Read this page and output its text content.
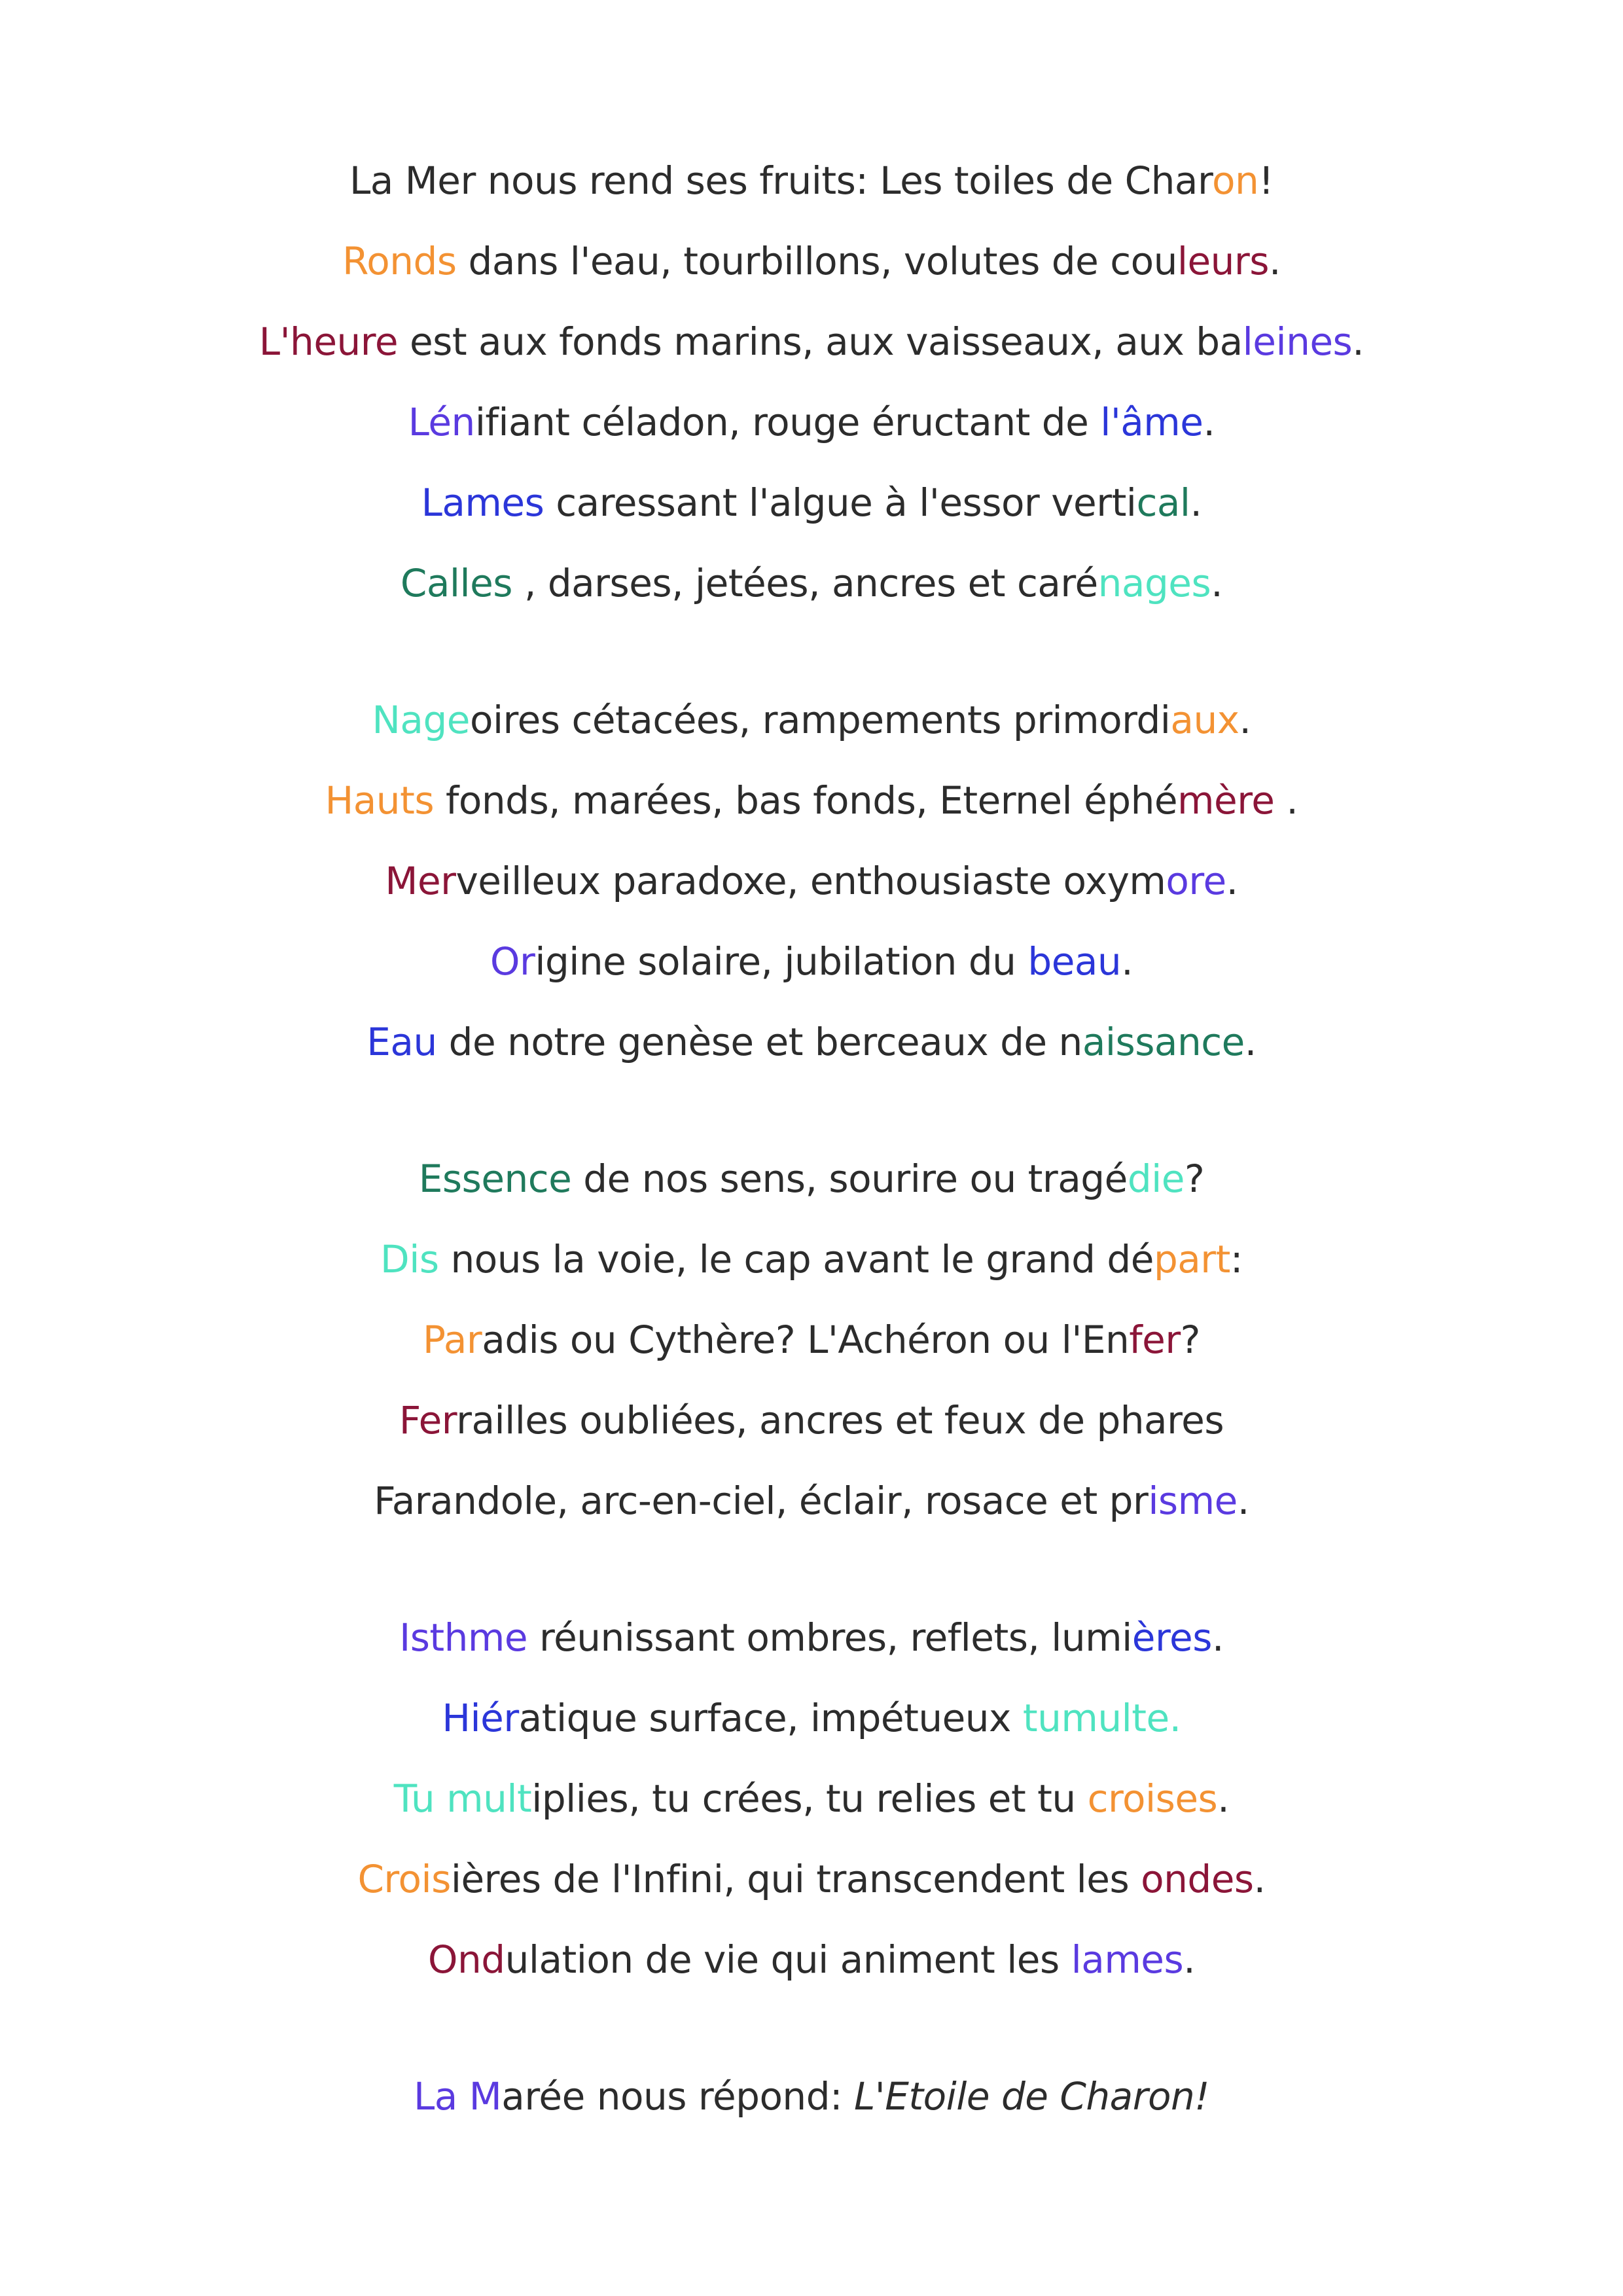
La Mer nous rend ses fruits: Les toiles de Charon!
Ronds dans l'eau, tourbillons, volutes de couleurs.
L'heure est aux fonds marins, aux vaisseaux, aux baleines.
Lénifiant céladon, rouge éructant de l'âme.
Lames caressant l'algue à l'essor vertical.
Calles , darses, jetées, ancres et carénages.
Nageoires cétacées, rampements primordiaux.
Hauts fonds, marées, bas fonds, Eternel éphémère .
Merveilleux paradoxe, enthousiaste oxymore.
Origine solaire, jubilation du beau.
Eau de notre genèse et berceaux de naissance.
Essence de nos sens, sourire ou tragédie?
Dis nous la voie, le cap avant le grand départ:
Paradis ou Cythère? L'Achéron ou l'Enfer?
Ferrailles oubliées, ancres et feux de phares
Farandole, arc-en-ciel, éclair, rosace et prisme.
Isthme réunissant ombres, reflets, lumières.
Hiératique surface, impétueux tumulte.
Tu multiplies, tu crées, tu relies et tu croises.
Croisières de l'Infini, qui transcendent les ondes.
Ondulation de vie qui animent les lames.
La Marée nous répond: L'Etoile de Charon!
